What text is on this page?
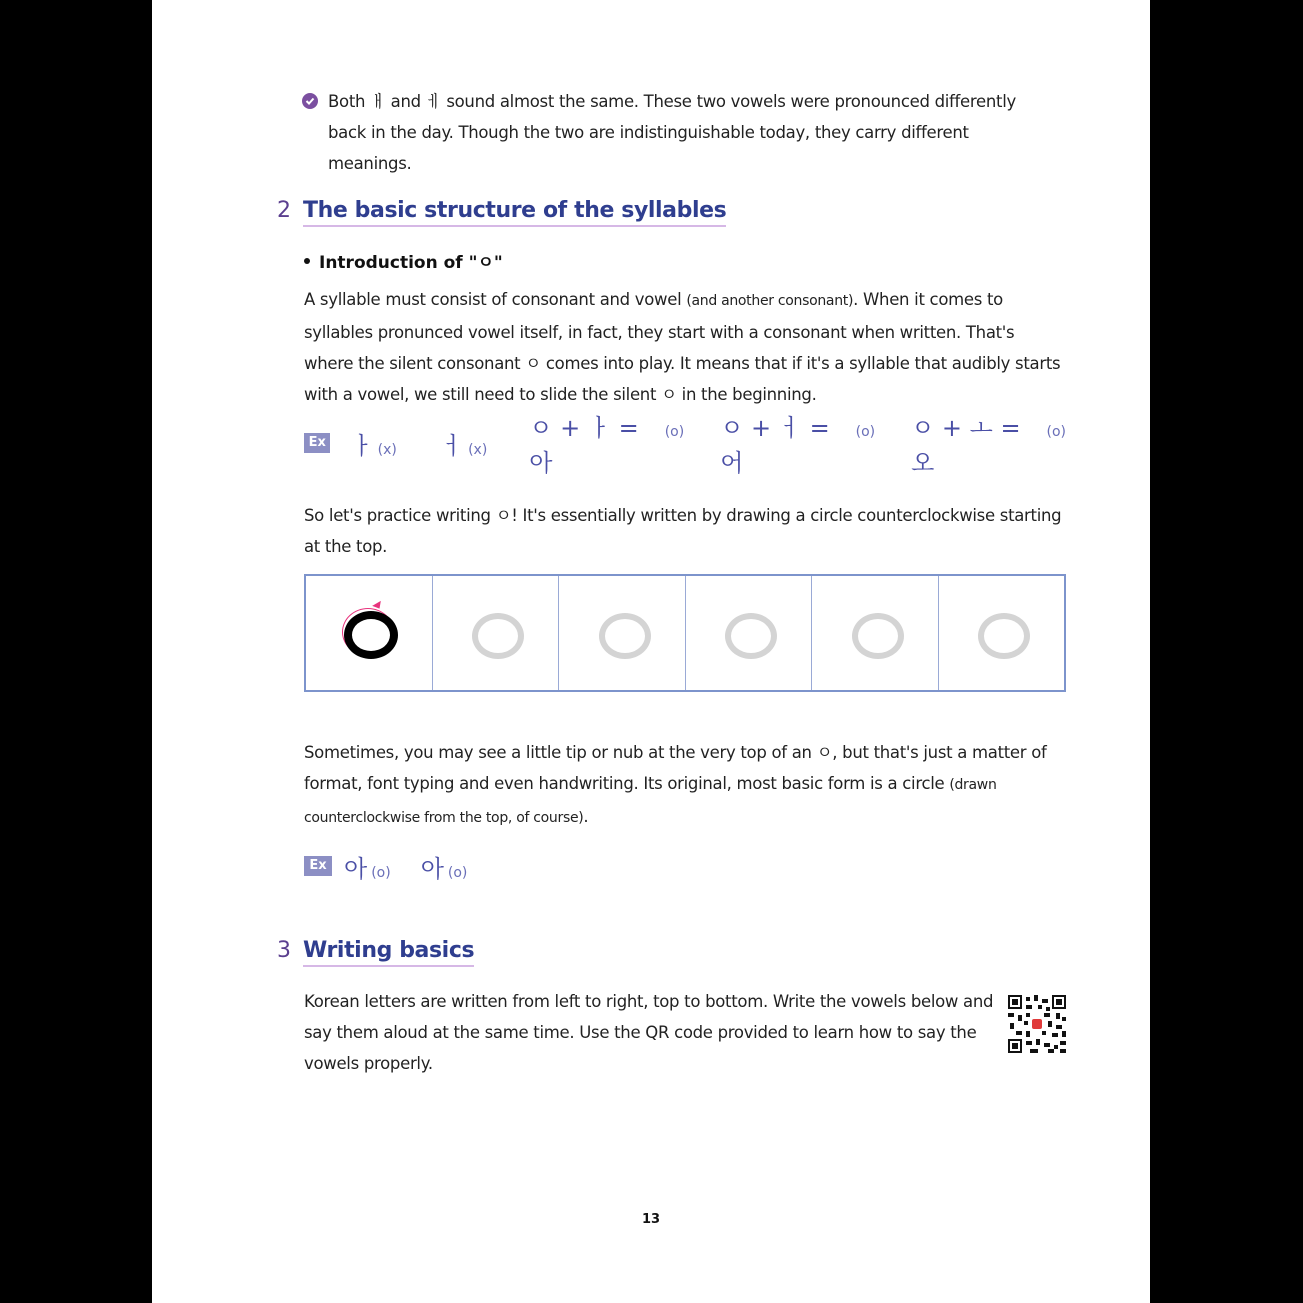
Both ㅐ and ㅔ sound almost the same. These two vowels were pronounced differently back in the day. Though the two are indistinguishable today, they carry different meanings.
2 The basic structure of the syllables
Introduction of "ㅇ"
A syllable must consist of consonant and vowel (and another consonant). When it comes to syllables pronunced vowel itself, in fact, they start with a consonant when written. That's where the silent consonant ㅇ comes into play. It means that if it's a syllable that audibly starts with a vowel, we still need to slide the silent ㅇ in the beginning.
Ex ㅏ (x) ㅓ (x)
ㅇ + ㅏ = 아
(o) ㅇ + ㅓ = 어
(o) ㅇ + ㅗ = 오
(o)
So let's practice writing ㅇ! It's essentially written by drawing a circle counterclockwise starting at the top.
Sometimes, you may see a little tip or nub at the very top of an ㅇ, but that's just a matter of format, font typing and even handwriting. Its original, most basic form is a circle (drawn counterclockwise from the top, of course).
Ex 아 (o) 아 (o)
3 Writing basics
Korean letters are written from left to right, top to bottom. Write the vowels below and say them aloud at the same time. Use the QR code provided to learn how to say the vowels properly.
13
